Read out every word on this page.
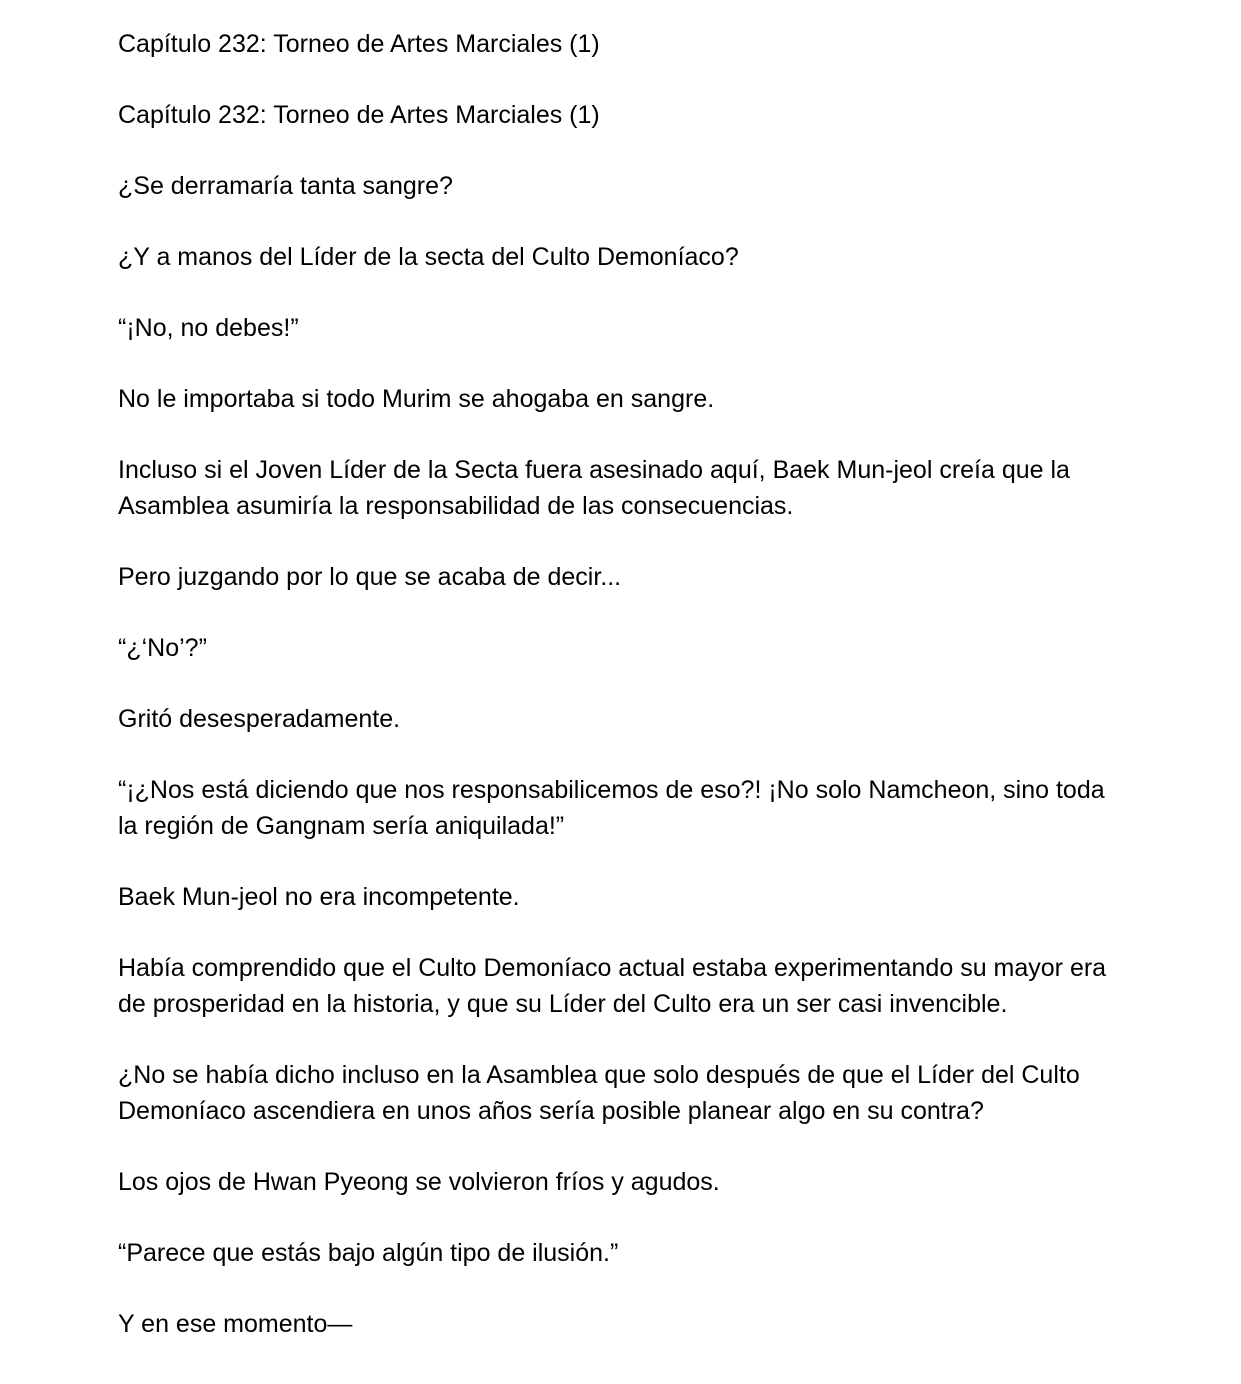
Capítulo 232: Torneo de Artes Marciales (1)

Capítulo 232: Torneo de Artes Marciales (1)

¿Se derramaría tanta sangre?

¿Y a manos del Líder de la secta del Culto Demoníaco?

“¡No, no debes!”

No le importaba si todo Murim se ahogaba en sangre.

Incluso si el Joven Líder de la Secta fuera asesinado aquí, Baek Mun-jeol creía que la Asamblea asumiría la responsabilidad de las consecuencias.

Pero juzgando por lo que se acaba de decir...

“¿‘No’?”

Gritó desesperadamente.

“¡¿Nos está diciendo que nos responsabilicemos de eso?! ¡No solo Namcheon, sino toda la región de Gangnam sería aniquilada!”

Baek Mun-jeol no era incompetente.

Había comprendido que el Culto Demoníaco actual estaba experimentando su mayor era de prosperidad en la historia, y que su Líder del Culto era un ser casi invencible.

¿No se había dicho incluso en la Asamblea que solo después de que el Líder del Culto Demoníaco ascendiera en unos años sería posible planear algo en su contra?

Los ojos de Hwan Pyeong se volvieron fríos y agudos.

“Parece que estás bajo algún tipo de ilusión.”

Y en ese momento—
